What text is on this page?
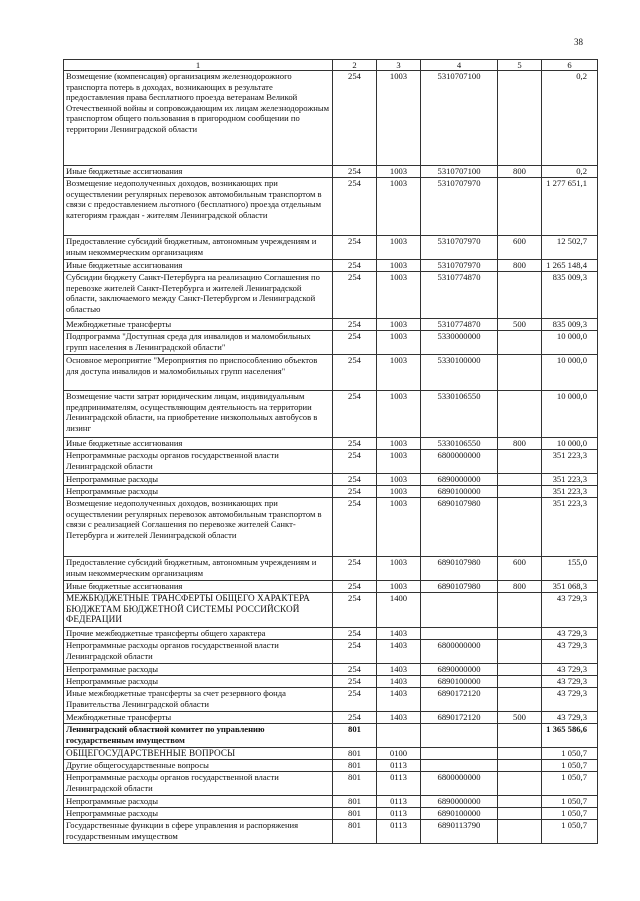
38
1	2	3	4	5	6
Возмещение (компенсация) организациям железнодорожного транспорта потерь в доходах, возникающих в результате предоставления права бесплатного проезда ветеранам Великой Отечественной войны и сопровождающим их лицам железнодорожным транспортом общего пользования в пригородном сообщении по территории Ленинградской области	254	1003	5310707100		0,2
Иные бюджетные ассигнования	254	1003	5310707100	800	0,2
Возмещение недополученных доходов, возникающих при осуществлении регулярных перевозок автомобильным транспортом в связи с предоставлением льготного (бесплатного) проезда отдельным категориям граждан - жителям Ленинградской области	254	1003	5310707970		1 277 651,1
Предоставление субсидий бюджетным, автономным учреждениям и иным некоммерческим организациям	254	1003	5310707970	600	12 502,7
Иные бюджетные ассигнования	254	1003	5310707970	800	1 265 148,4
Субсидии бюджету Санкт-Петербурга на реализацию Соглашения по перевозке жителей Санкт-Петербурга и жителей Ленинградской области, заключаемого между Санкт-Петербургом и Ленинградской областью	254	1003	5310774870		835 009,3
Межбюджетные трансферты	254	1003	5310774870	500	835 009,3
Подпрограмма "Доступная среда для инвалидов и маломобильных групп населения в Ленинградской области"	254	1003	5330000000		10 000,0
Основное мероприятие "Мероприятия по приспособлению объектов для доступа инвалидов и маломобильных групп населения"	254	1003	5330100000		10 000,0
Возмещение части затрат юридическим лицам, индивидуальным предпринимателям, осуществляющим деятельность на территории Ленинградской области, на приобретение низкопольных автобусов в лизинг	254	1003	5330106550		10 000,0
Иные бюджетные ассигнования	254	1003	5330106550	800	10 000,0
Непрограммные расходы органов государственной власти Ленинградской области	254	1003	6800000000		351 223,3
Непрограммные расходы	254	1003	6890000000		351 223,3
Непрограммные расходы	254	1003	6890100000		351 223,3
Возмещение недополученных доходов, возникающих при осуществлении регулярных перевозок автомобильным транспортом в связи с реализацией Соглашения по перевозке жителей Санкт-Петербурга и жителей Ленинградской области	254	1003	6890107980		351 223,3
Предоставление субсидий бюджетным, автономным учреждениям и иным некоммерческим организациям	254	1003	6890107980	600	155,0
Иные бюджетные ассигнования	254	1003	6890107980	800	351 068,3
МЕЖБЮДЖЕТНЫЕ ТРАНСФЕРТЫ ОБЩЕГО ХАРАКТЕРА БЮДЖЕТАМ БЮДЖЕТНОЙ СИСТЕМЫ РОССИЙСКОЙ ФЕДЕРАЦИИ	254	1400			43 729,3
Прочие межбюджетные трансферты общего характера	254	1403			43 729,3
Непрограммные расходы органов государственной власти Ленинградской области	254	1403	6800000000		43 729,3
Непрограммные расходы	254	1403	6890000000		43 729,3
Непрограммные расходы	254	1403	6890100000		43 729,3
Иные межбюджетные трансферты за счет резервного фонда Правительства Ленинградской области	254	1403	6890172120		43 729,3
Межбюджетные трансферты	254	1403	6890172120	500	43 729,3
Ленинградский областной комитет по управлению государственным имуществом	801				1 365 586,6
ОБЩЕГОСУДАРСТВЕННЫЕ ВОПРОСЫ	801	0100			1 050,7
Другие общегосударственные вопросы	801	0113			1 050,7
Непрограммные расходы органов государственной власти Ленинградской области	801	0113	6800000000		1 050,7
Непрограммные расходы	801	0113	6890000000		1 050,7
Непрограммные расходы	801	0113	6890100000		1 050,7
Государственные функции в сфере управления и распоряжения государственным имуществом	801	0113	6890113790		1 050,7
